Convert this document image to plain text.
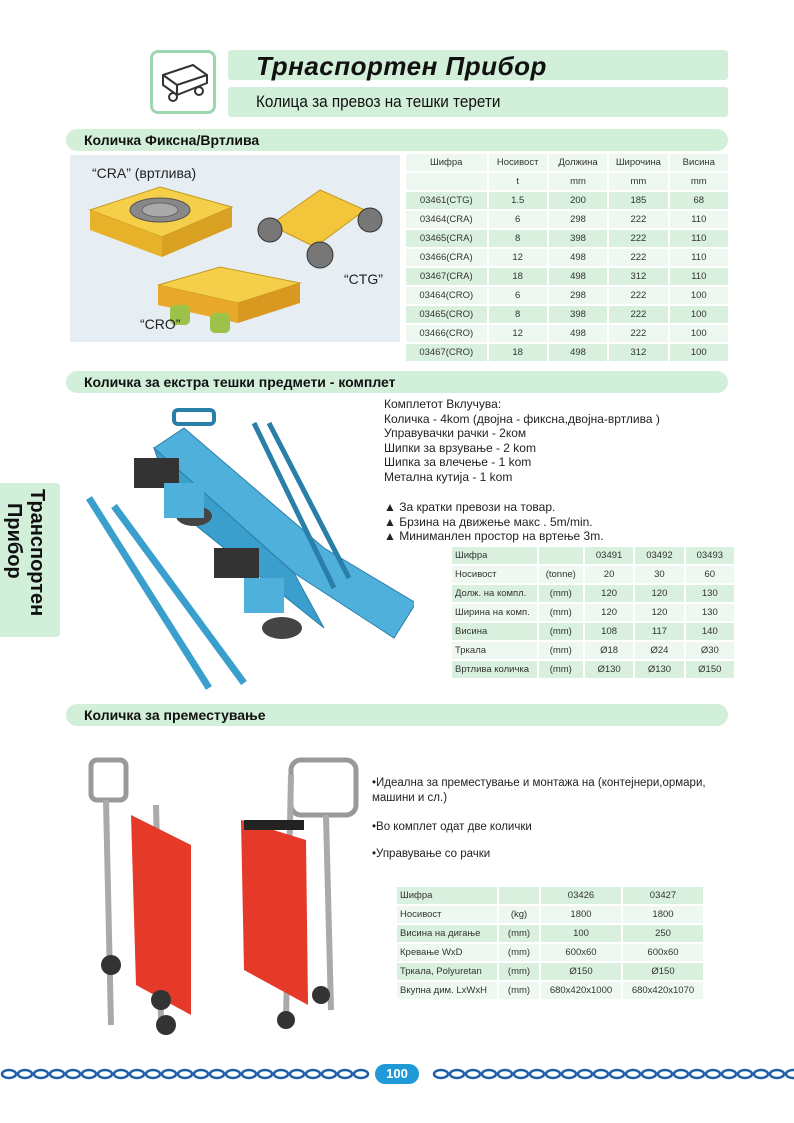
Трнаспортен Прибор
Колица за превоз на тешки терети
Транспортен
Прибор
Количка Фиксна/Вртлива
“CRA” (вртлива)
“CTG”
“CRO”
Шифра	Носивост	Должина	Широчина	Висина
	t	mm	mm	mm
03461(CTG)	1.5	200	185	68
03464(CRA)	6	298	222	110
03465(CRA)	8	398	222	110
03466(CRA)	12	498	222	110
03467(CRA)	18	498	312	110
03464(CRO)	6	298	222	100
03465(CRO)	8	398	222	100
03466(CRO)	12	498	222	100
03467(CRO)	18	498	312	100
Количка за екстра тешки предмети - комплет
Комплетот Вклучува:
Количка - 4kom (двојна - фиксна,двојна-вртлива )
Управувачки рачки - 2ком
Шипки за врзување - 2 kom
Шипка за влечење - 1 kom
Метална кутија - 1 kom
▲ За кратки превози на товар.
▲ Брзина на движење макс . 5m/min.
▲ Миниманлен простор на вртење 3m.
Шифра		03491	03492	03493
Носивост	(tonne)	20	30	60
Долж. на компл.	(mm)	120	120	130
Ширина на комп.	(mm)	120	120	130
Висина	(mm)	108	117	140
Тркала	(mm)	Ø18	Ø24	Ø30
Вртлива количка	(mm)	Ø130	Ø130	Ø150
Количка за преместување
•Идеална за преместување и монтажа на (контејнери,ормари, машини и сл.)
•Во комплет одат две колички
•Управување со рачки
Шифра		03426	03427
Носивост	(kg)	1800	1800
Висина на дигање	(mm)	100	250
Кревање WxD	(mm)	600x60	600x60
Тркала, Polyuretan	(mm)	Ø150	Ø150
Вкупна дим. LxWxH	(mm)	680x420x1000	680x420x1070
100
